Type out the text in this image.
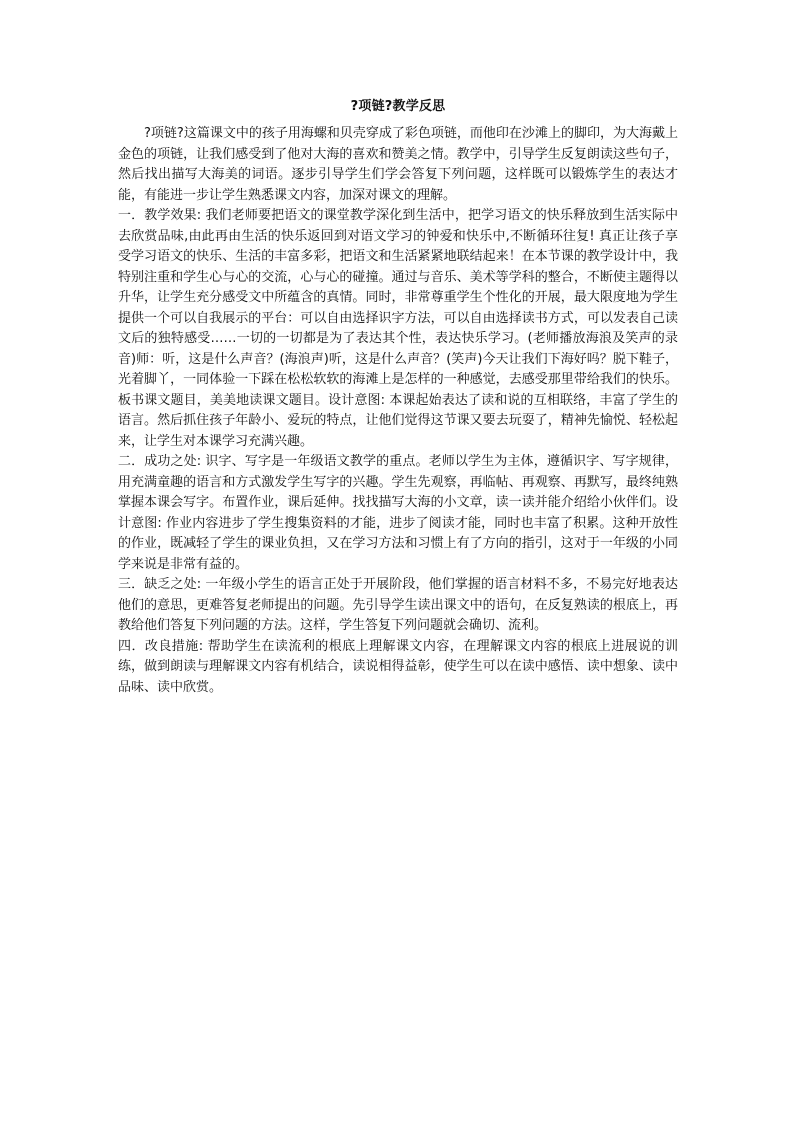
?项链?教学反思

?项链?这篇课文中的孩子用海螺和贝壳穿成了彩色项链，而他印在沙滩上的脚印，为大海戴上金色的项链，让我们感受到了他对大海的喜欢和赞美之情。教学中，引导学生反复朗读这些句子，然后找出描写大海美的词语。逐步引导学生们学会答复下列问题，这样既可以锻炼学生的表达才能，有能进一步让学生熟悉课文内容，加深对课文的理解。

一．教学效果: 我们老师要把语文的课堂教学深化到生活中，把学习语文的快乐释放到生活实际中去欣赏品味,由此再由生活的快乐返回到对语文学习的钟爱和快乐中,不断循环往复! 真正让孩子享受学习语文的快乐、生活的丰富多彩，把语文和生活紧紧地联结起来！在本节课的教学设计中，我特别注重和学生心与心的交流，心与心的碰撞。通过与音乐、美术等学科的整合，不断使主题得以升华，让学生充分感受文中所蕴含的真情。同时，非常尊重学生个性化的开展，最大限度地为学生提供一个可以自我展示的平台：可以自由选择识字方法，可以自由选择读书方式，可以发表自己读文后的独特感受……一切的一切都是为了表达其个性，表达快乐学习。(老师播放海浪及笑声的录音)师：听，这是什么声音？(海浪声)听，这是什么声音？(笑声)今天让我们下海好吗？脱下鞋子，光着脚丫，一同体验一下踩在松松软软的海滩上是怎样的一种感觉，去感受那里带给我们的快乐。板书课文题目，美美地读课文题目。设计意图: 本课起始表达了读和说的互相联络，丰富了学生的语言。然后抓住孩子年龄小、爱玩的特点，让他们觉得这节课又要去玩耍了，精神先愉悦、轻松起来，让学生对本课学习充满兴趣。

二．成功之处: 识字、写字是一年级语文教学的重点。老师以学生为主体，遵循识字、写字规律，用充满童趣的语言和方式激发学生写字的兴趣。学生先观察，再临帖、再观察、再默写，最终纯熟掌握本课会写字。布置作业，课后延伸。找找描写大海的小文章，读一读并能介绍给小伙伴们。设计意图: 作业内容进步了学生搜集资料的才能，进步了阅读才能，同时也丰富了积累。这种开放性的作业，既减轻了学生的课业负担，又在学习方法和习惯上有了方向的指引，这对于一年级的小同学来说是非常有益的。

三．缺乏之处: 一年级小学生的语言正处于开展阶段，他们掌握的语言材料不多，不易完好地表达他们的意思，更难答复老师提出的问题。先引导学生读出课文中的语句，在反复熟读的根底上，再教给他们答复下列问题的方法。这样，学生答复下列问题就会确切、流利。

四．改良措施: 帮助学生在读流利的根底上理解课文内容，在理解课文内容的根底上进展说的训练，做到朗读与理解课文内容有机结合，读说相得益彰，使学生可以在读中感悟、读中想象、读中品味、读中欣赏。
